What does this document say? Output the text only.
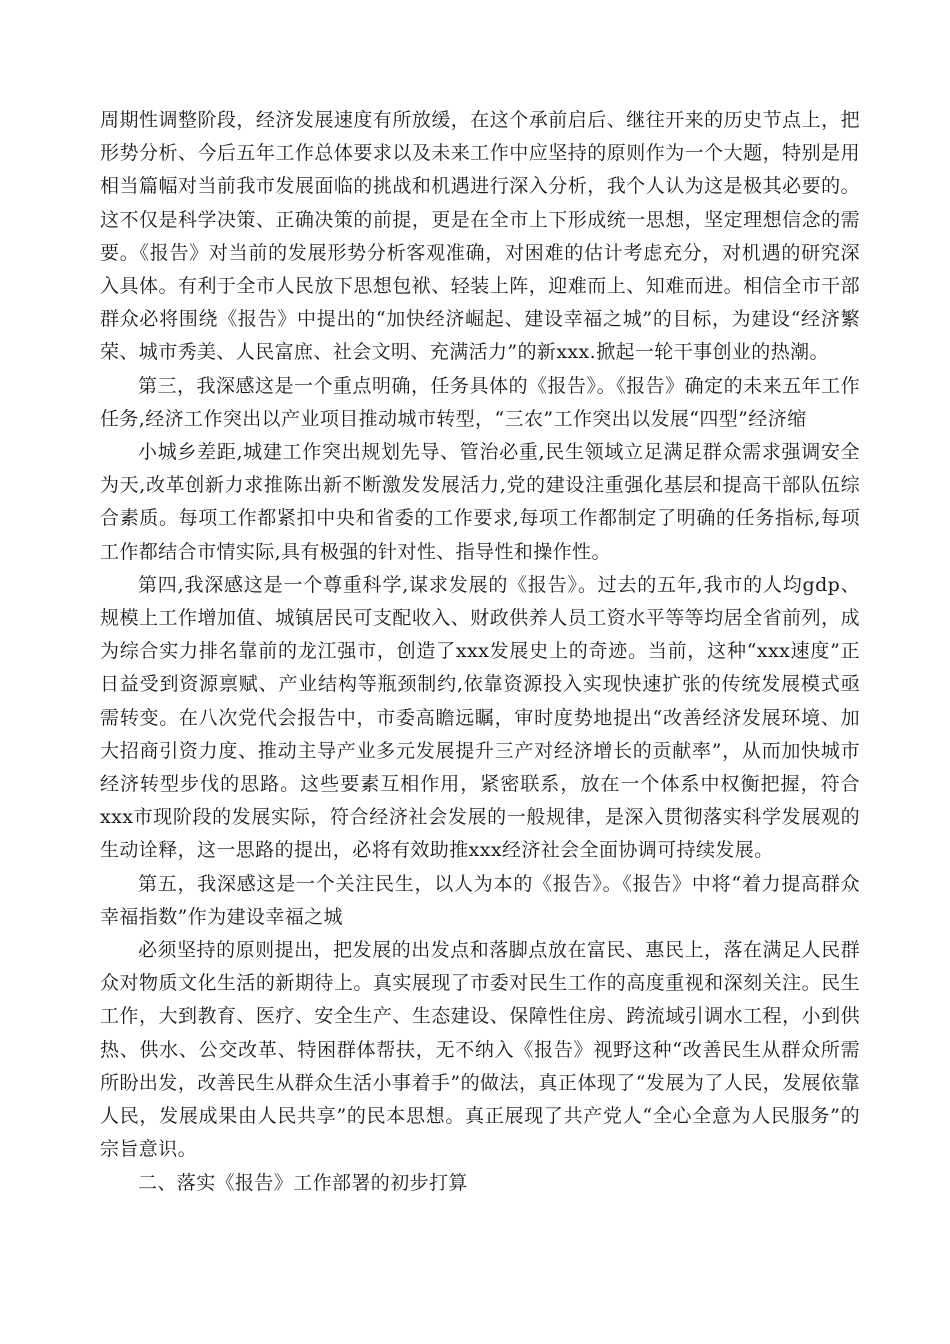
周期性调整阶段，经济发展速度有所放缓，在这个承前启后、继往开来的历史节点上，把形势分析、今后五年工作总体要求以及未来工作中应坚持的原则作为一个大题，特别是用相当篇幅对当前我市发展面临的挑战和机遇进行深入分析，我个人认为这是极其必要的。这不仅是科学决策、正确决策的前提，更是在全市上下形成统一思想，坚定理想信念的需要。《报告》对当前的发展形势分析客观准确，对困难的估计考虑充分，对机遇的研究深入具体。有利于全市人民放下思想包袱、轻装上阵，迎难而上、知难而进。相信全市干部群众必将围绕《报告》中提出的“加快经济崛起、建设幸福之城”的目标，为建设“经济繁荣、城市秀美、人民富庶、社会文明、充满活力”的新xxx.掀起一轮干事创业的热潮。

第三，我深感这是一个重点明确，任务具体的《报告》。《报告》确定的未来五年工作任务,经济工作突出以产业项目推动城市转型，“三农”工作突出以发展“四型”经济缩

小城乡差距,城建工作突出规划先导、管治必重,民生领域立足满足群众需求强调安全为天,改革创新力求推陈出新不断激发发展活力,党的建设注重强化基层和提高干部队伍综合素质。每项工作都紧扣中央和省委的工作要求,每项工作都制定了明确的任务指标,每项工作都结合市情实际,具有极强的针对性、指导性和操作性。

第四,我深感这是一个尊重科学,谋求发展的《报告》。过去的五年,我市的人均gdp、规模上工作增加值、城镇居民可支配收入、财政供养人员工资水平等等均居全省前列，成为综合实力排名靠前的龙江强市，创造了xxx发展史上的奇迹。当前，这种“xxx速度”正日益受到资源禀赋、产业结构等瓶颈制约,依靠资源投入实现快速扩张的传统发展模式亟需转变。在八次党代会报告中，市委高瞻远瞩，审时度势地提出“改善经济发展环境、加大招商引资力度、推动主导产业多元发展提升三产对经济增长的贡献率”，从而加快城市经济转型步伐的思路。这些要素互相作用，紧密联系，放在一个体系中权衡把握，符合xxx市现阶段的发展实际，符合经济社会发展的一般规律，是深入贯彻落实科学发展观的生动诠释，这一思路的提出，必将有效助推xxx经济社会全面协调可持续发展。

第五，我深感这是一个关注民生，以人为本的《报告》。《报告》中将“着力提高群众幸福指数”作为建设幸福之城

必须坚持的原则提出，把发展的出发点和落脚点放在富民、惠民上，落在满足人民群众对物质文化生活的新期待上。真实展现了市委对民生工作的高度重视和深刻关注。民生工作，大到教育、医疗、安全生产、生态建设、保障性住房、跨流域引调水工程，小到供热、供水、公交改革、特困群体帮扶，无不纳入《报告》视野这种“改善民生从群众所需所盼出发，改善民生从群众生活小事着手”的做法，真正体现了“发展为了人民，发展依靠人民，发展成果由人民共享”的民本思想。真正展现了共产党人“全心全意为人民服务”的宗旨意识。

二、落实《报告》工作部署的初步打算
